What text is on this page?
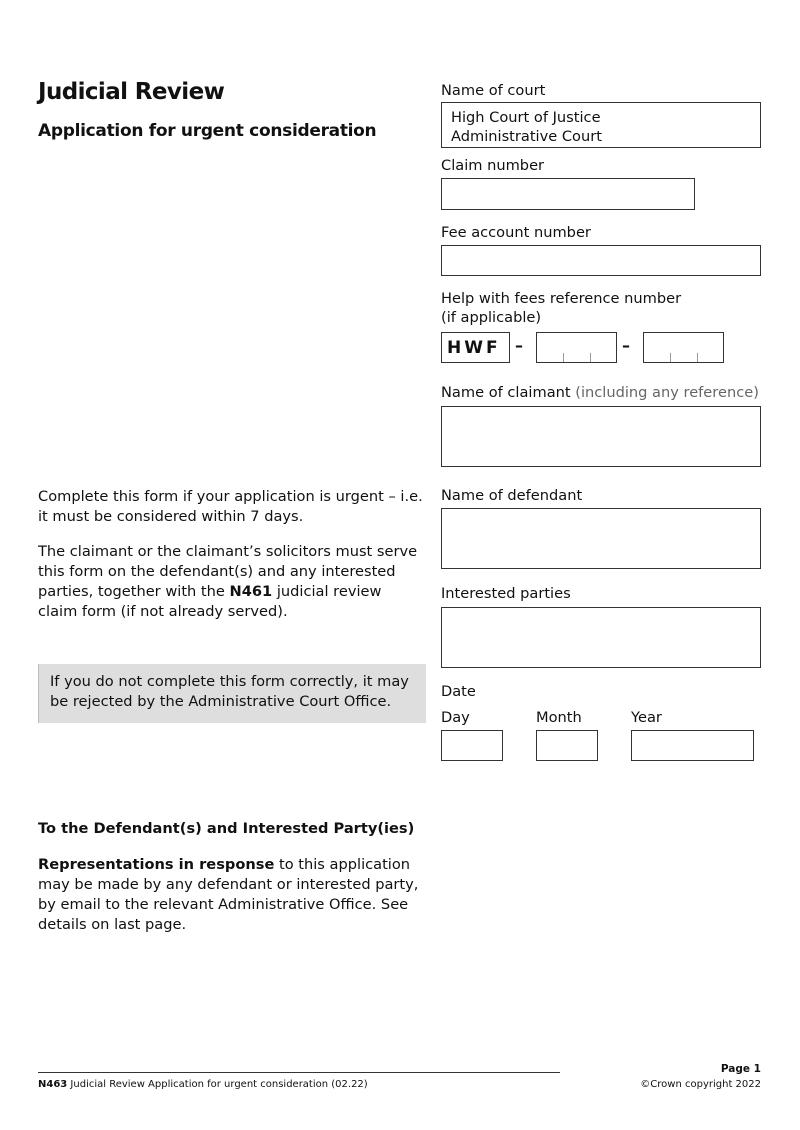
Judicial Review
Application for urgent consideration
Name of court
High Court of Justice
Administrative Court
Claim number
Fee account number
Help with fees reference number
(if applicable)
HWF –	–
Name of claimant (including any reference)
Name of defendant
Interested parties
Date
Day	Month	Year
Complete this form if your application is urgent – i.e. it must be considered within 7 days.
The claimant or the claimant’s solicitors must serve this form on the defendant(s) and any interested parties, together with the N461 judicial review claim form (if not already served).
If you do not complete this form correctly, it may be rejected by the Administrative Court Office.
To the Defendant(s) and Interested Party(ies)
Representations in response to this application may be made by any defendant or interested party, by email to the relevant Administrative Office. See details on last page.
N463 Judicial Review Application for urgent consideration (02.22)
Page 1
©Crown copyright 2022
